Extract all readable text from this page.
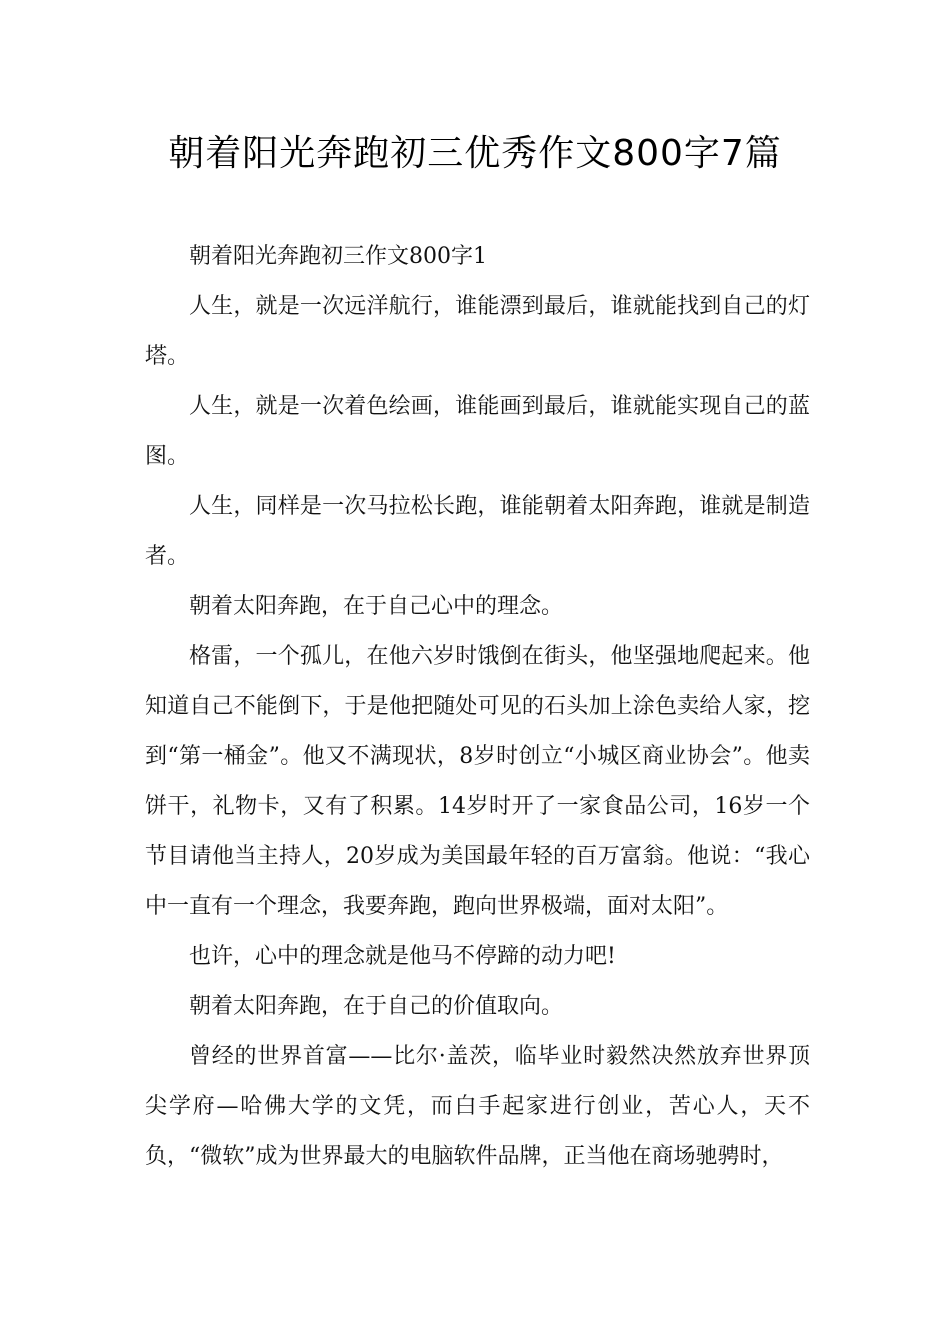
朝着阳光奔跑初三优秀作文800字7篇

朝着阳光奔跑初三作文800字1

人生，就是一次远洋航行，谁能漂到最后，谁就能找到自己的灯塔。

人生，就是一次着色绘画，谁能画到最后，谁就能实现自己的蓝图。

人生，同样是一次马拉松长跑，谁能朝着太阳奔跑，谁就是制造者。

朝着太阳奔跑，在于自己心中的理念。

格雷，一个孤儿，在他六岁时饿倒在街头，他坚强地爬起来。他知道自己不能倒下，于是他把随处可见的石头加上涂色卖给人家，挖到“第一桶金”。他又不满现状，8岁时创立“小城区商业协会”。他卖饼干，礼物卡，又有了积累。14岁时开了一家食品公司，16岁一个节目请他当主持人，20岁成为美国最年轻的百万富翁。他说：“我心中一直有一个理念，我要奔跑，跑向世界极端，面对太阳”。

也许，心中的理念就是他马不停蹄的动力吧!

朝着太阳奔跑，在于自己的价值取向。

曾经的世界首富——比尔·盖茨，临毕业时毅然决然放弃世界顶尖学府—哈佛大学的文凭，而白手起家进行创业，苦心人，天不负，“微软”成为世界最大的电脑软件品牌，正当他在商场驰骋时，
